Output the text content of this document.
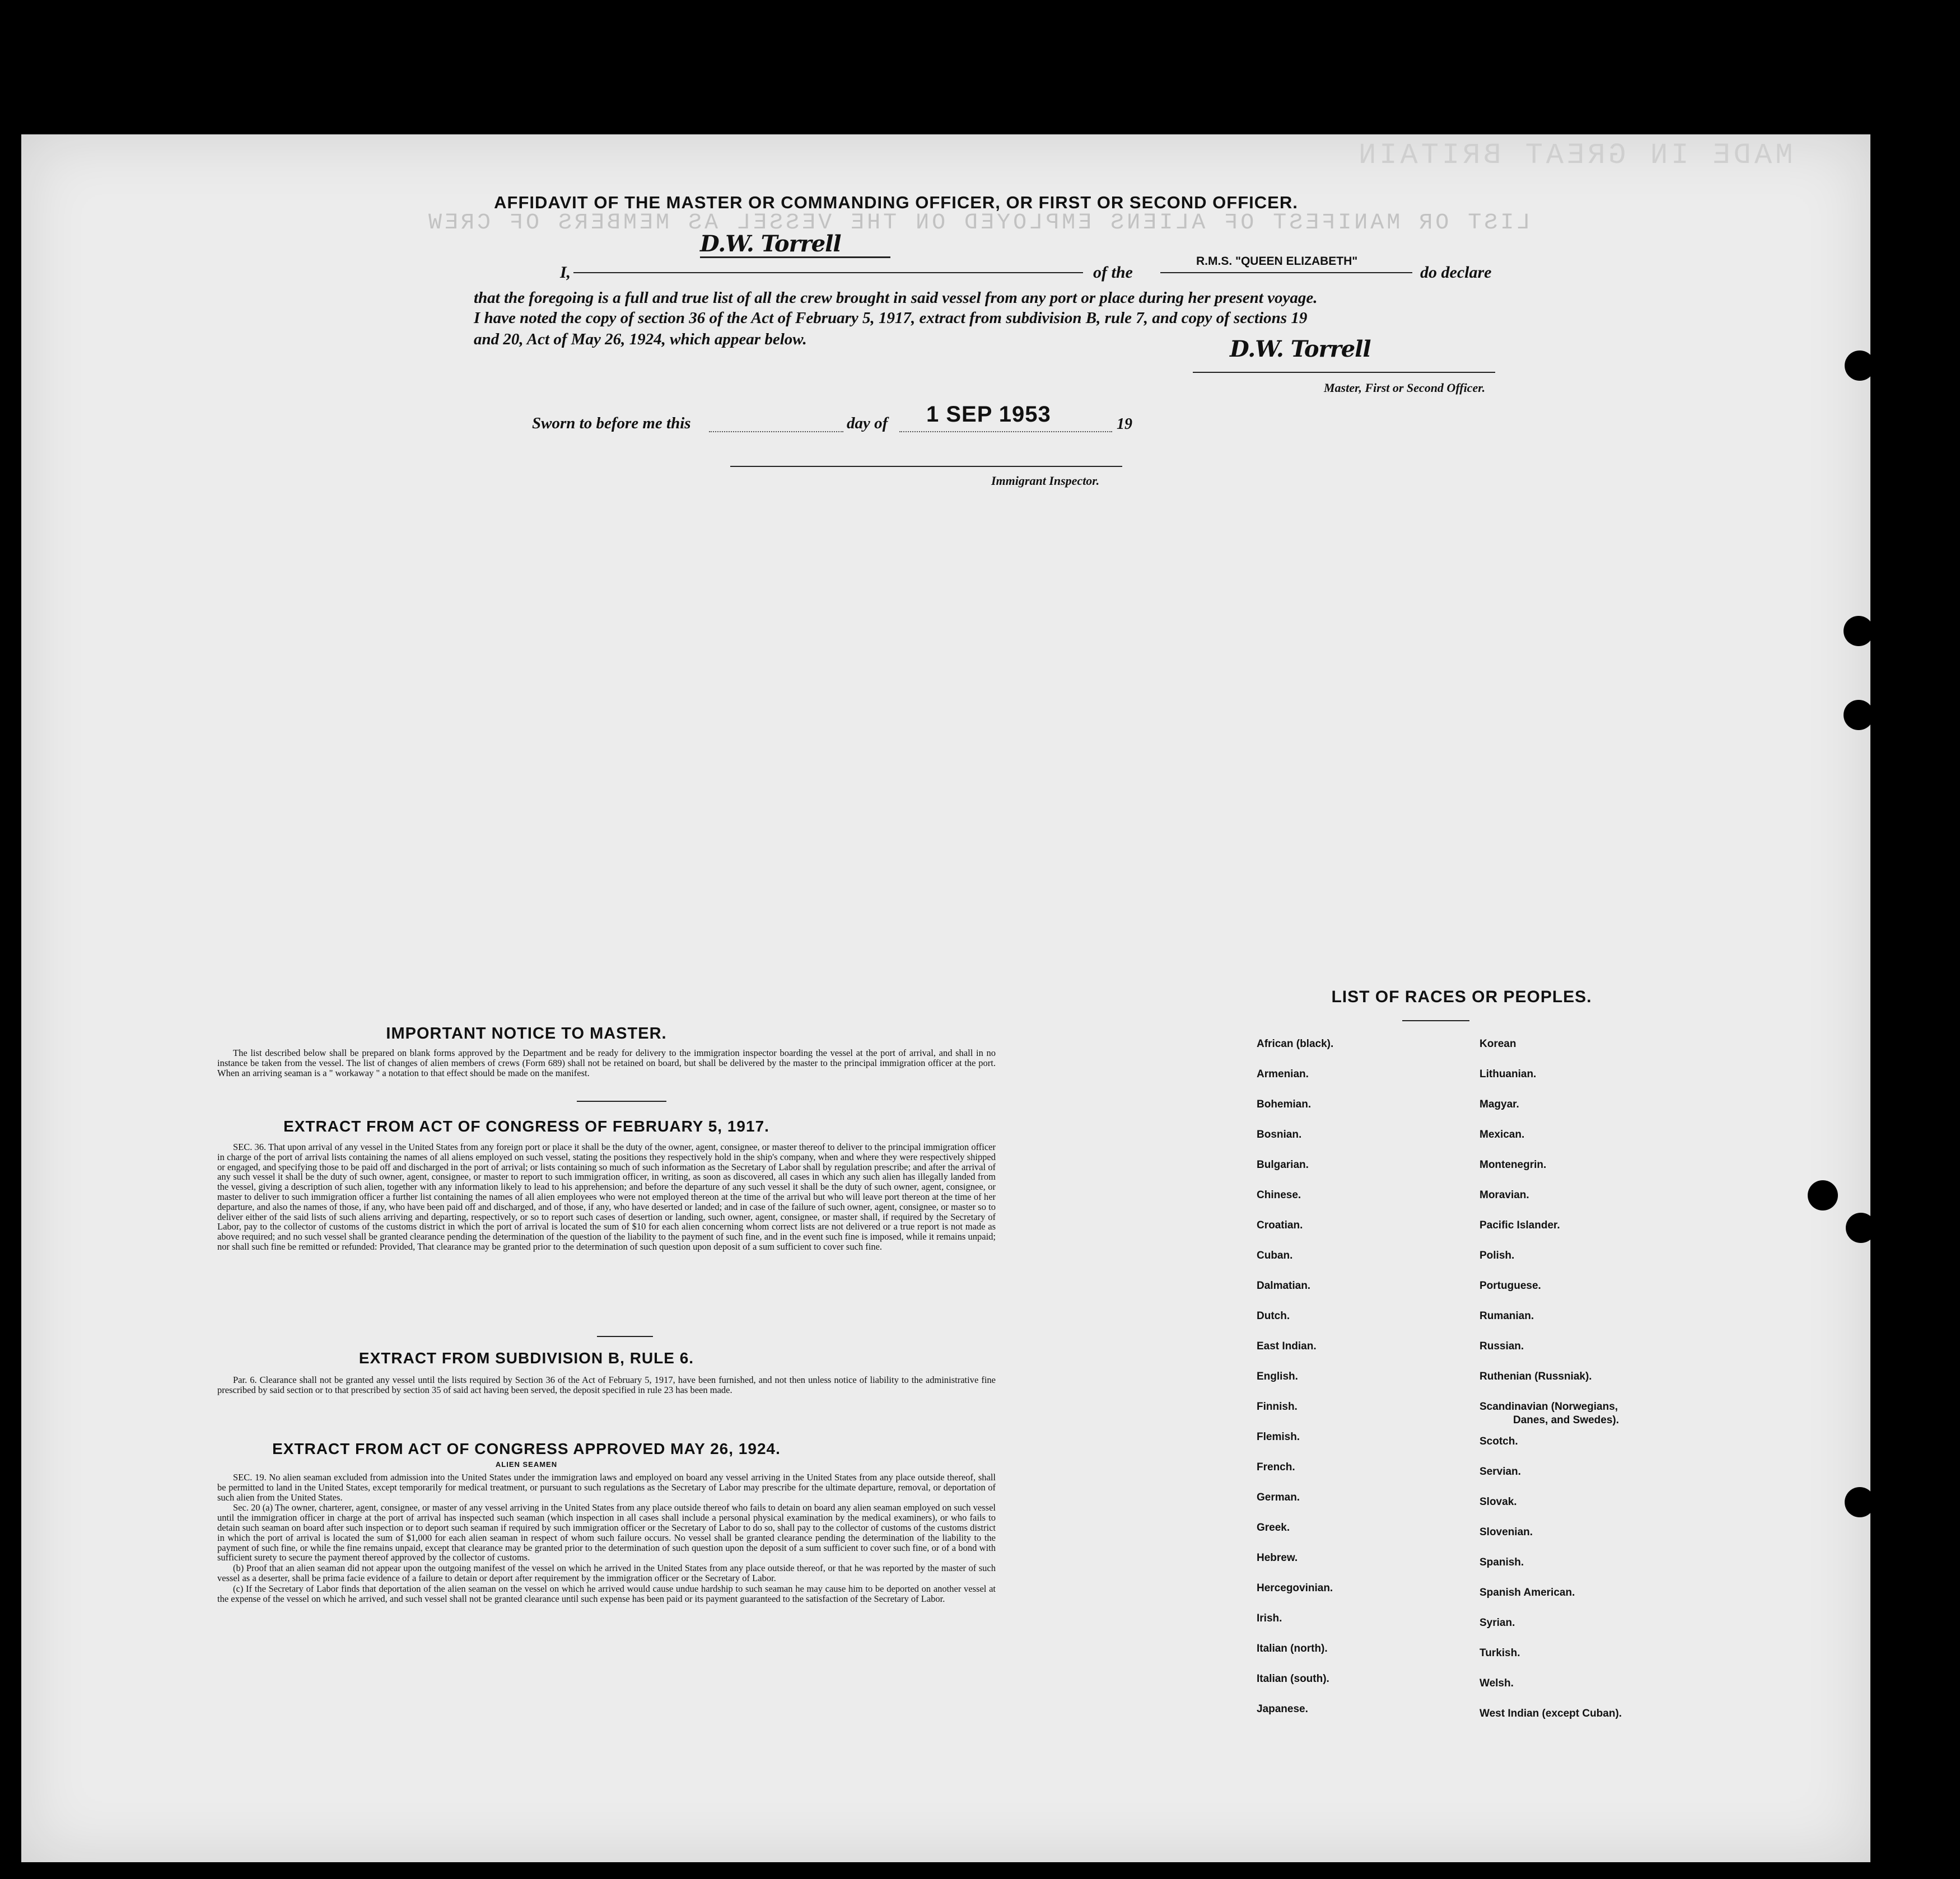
MADE IN GREAT BRITAIN
LIST OR MANIFEST OF ALIENS EMPLOYED ON THE VESSEL AS MEMBERS OF CREW
AFFIDAVIT OF THE MASTER OR COMMANDING OFFICER, OR FIRST OR SECOND OFFICER.
I,
D.W. Torrell
of the
R.M.S. "QUEEN ELIZABETH"
do declare
that the foregoing is a full and true list of all the crew brought in said vessel from any port or place during her present voyage.
I have noted the copy of section 36 of the Act of February 5, 1917, extract from subdivision B, rule 7, and copy of sections 19
and 20, Act of May 26, 1924, which appear below.	D.W. Torrell
Master, First or Second Officer.
Sworn to before me this	day of 1 SEP 1953	19
Immigrant Inspector.
IMPORTANT NOTICE TO MASTER.

The list described below shall be prepared on blank forms approved by the Department and be ready for delivery to the immigration inspector boarding the vessel at the port of arrival, and shall in no instance be taken from the vessel. The list of changes of alien members of crews (Form 689) shall not be retained on board, but shall be delivered by the master to the principal immigration officer at the port. When an arriving seaman is a " workaway " a notation to that effect should be made on the manifest.

EXTRACT FROM ACT OF CONGRESS OF FEBRUARY 5, 1917.

SEC. 36. That upon arrival of any vessel in the United States from any foreign port or place it shall be the duty of the owner, agent, consignee, or master thereof to deliver to the principal immigration officer in charge of the port of arrival lists containing the names of all aliens employed on such vessel, stating the positions they respectively hold in the ship's company, when and where they were respectively shipped or engaged, and specifying those to be paid off and discharged in the port of arrival; or lists containing so much of such information as the Secretary of Labor shall by regulation prescribe; and after the arrival of any such vessel it shall be the duty of such owner, agent, consignee, or master to report to such immigration officer, in writing, as soon as discovered, all cases in which any such alien has illegally landed from the vessel, giving a description of such alien, together with any information likely to lead to his apprehension; and before the departure of any such vessel it shall be the duty of such owner, agent, consignee, or master to deliver to such immigration officer a further list containing the names of all alien employees who were not employed thereon at the time of the arrival but who will leave port thereon at the time of her departure, and also the names of those, if any, who have been paid off and discharged, and of those, if any, who have deserted or landed; and in case of the failure of such owner, agent, consignee, or master so to deliver either of the said lists of such aliens arriving and departing, respectively, or so to report such cases of desertion or landing, such owner, agent, consignee, or master shall, if required by the Secretary of Labor, pay to the collector of customs of the customs district in which the port of arrival is located the sum of $10 for each alien concerning whom correct lists are not delivered or a true report is not made as above required; and no such vessel shall be granted clearance pending the determination of the question of the liability to the payment of such fine, and in the event such fine is imposed, while it remains unpaid; nor shall such fine be remitted or refunded: Provided, That clearance may be granted prior to the determination of such question upon deposit of a sum sufficient to cover such fine.

EXTRACT FROM SUBDIVISION B, RULE 6.

Par. 6. Clearance shall not be granted any vessel until the lists required by Section 36 of the Act of February 5, 1917, have been furnished, and not then unless notice of liability to the administrative fine prescribed by said section or to that prescribed by section 35 of said act having been served, the deposit specified in rule 23 has been made.

EXTRACT FROM ACT OF CONGRESS APPROVED MAY 26, 1924.
ALIEN SEAMEN

SEC. 19. No alien seaman excluded from admission into the United States under the immigration laws and employed on board any vessel arriving in the United States from any place outside thereof, shall be permitted to land in the United States, except temporarily for medical treatment, or pursuant to such regulations as the Secretary of Labor may prescribe for the ultimate departure, removal, or deportation of such alien from the United States.

Sec. 20 (a) The owner, charterer, agent, consignee, or master of any vessel arriving in the United States from any place outside thereof who fails to detain on board any alien seaman employed on such vessel until the immigration officer in charge at the port of arrival has inspected such seaman (which inspection in all cases shall include a personal physical examination by the medical examiners), or who fails to detain such seaman on board after such inspection or to deport such seaman if required by such immigration officer or the Secretary of Labor to do so, shall pay to the collector of customs of the customs district in which the port of arrival is located the sum of $1,000 for each alien seaman in respect of whom such failure occurs. No vessel shall be granted clearance pending the determination of the liability to the payment of such fine, or while the fine remains unpaid, except that clearance may be granted prior to the determination of such question upon the deposit of a sum sufficient to cover such fine, or of a bond with sufficient surety to secure the payment thereof approved by the collector of customs.

(b) Proof that an alien seaman did not appear upon the outgoing manifest of the vessel on which he arrived in the United States from any place outside thereof, or that he was reported by the master of such vessel as a deserter, shall be prima facie evidence of a failure to detain or deport after requirement by the immigration officer or the Secretary of Labor.

(c) If the Secretary of Labor finds that deportation of the alien seaman on the vessel on which he arrived would cause undue hardship to such seaman he may cause him to be deported on another vessel at the expense of the vessel on which he arrived, and such vessel shall not be granted clearance until such expense has been paid or its payment guaranteed to the satisfaction of the Secretary of Labor.

LIST OF RACES OR PEOPLES.
African (black).
Armenian.
Bohemian.
Bosnian.
Bulgarian.
Chinese.
Croatian.
Cuban.
Dalmatian.
Dutch.
East Indian.
English.
Finnish.
Flemish.
French.
German.
Greek.
Hebrew.
Hercegovinian.
Irish.
Italian (north).
Italian (south).
Japanese.
Korean
Lithuanian.
Magyar.
Mexican.
Montenegrin.
Moravian.
Pacific Islander.
Polish.
Portuguese.
Rumanian.
Russian.
Ruthenian (Russniak).
Scandinavian (Norwegians,
Danes, and Swedes).
Scotch.
Servian.
Slovak.
Slovenian.
Spanish.
Spanish American.
Syrian.
Turkish.
Welsh.
West Indian (except Cuban).
